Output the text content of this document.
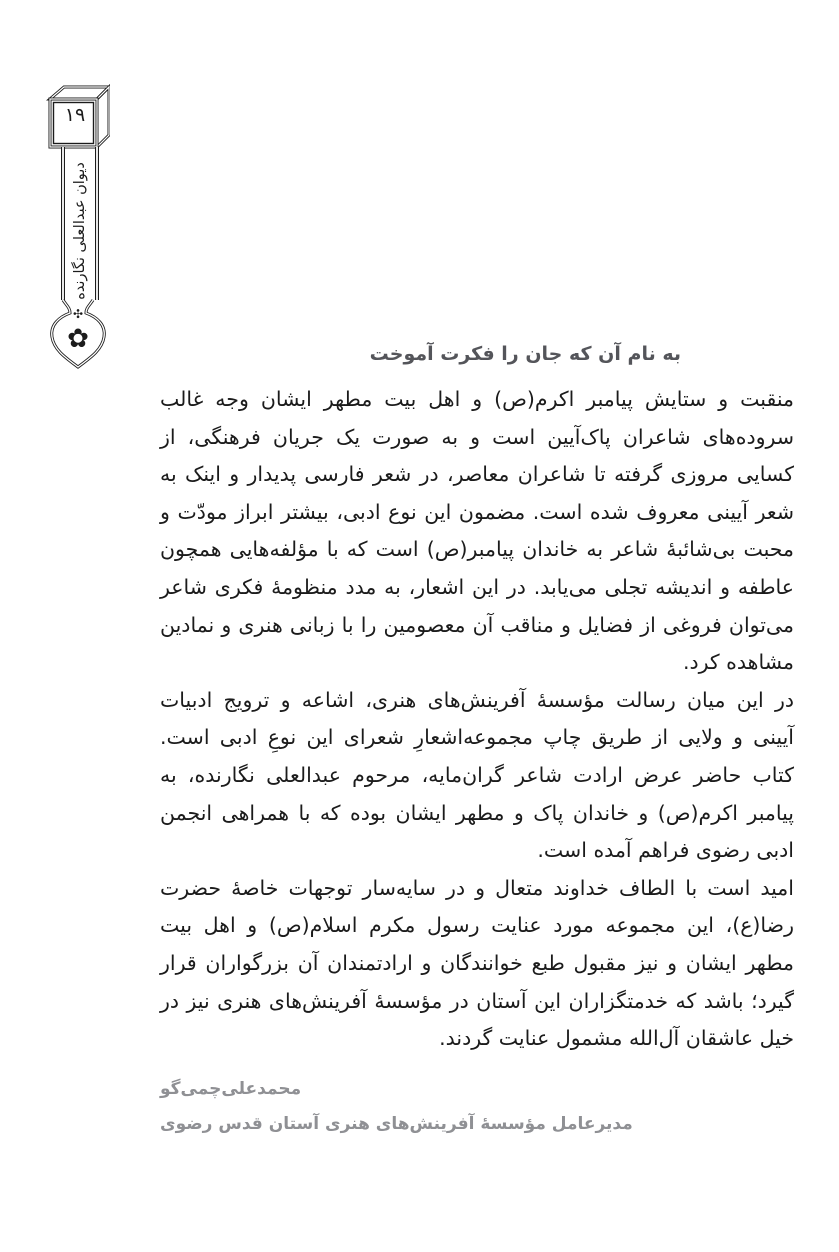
✣
✿
۱۹
دیوان عبدالعلی نگارنده
به نام آن که جان را فکرت آموخت

منقبت و ستایش پیامبر اکرم(ص) و اهل بیت مطهر ایشان وجه غالب سروده‌های شاعران پاک‌آیین است و به صورت یک جریان فرهنگی، از کسایی مروزی گرفته تا شاعران معاصر، در شعر فارسی پدیدار و اینک به شعر آیینی معروف شده است. مضمون این نوع ادبی، بیشتر ابراز مودّت و محبت بی‌شائبهٔ شاعر به خاندان پیامبر(ص) است که با مؤلفه‌هایی همچون عاطفه و اندیشه تجلی می‌یابد. در این اشعار، به مدد منظومهٔ فکری شاعر می‌توان فروغی از فضایل و مناقب آن معصومین را با زبانی هنری و نمادین مشاهده کرد.

در این میان رسالت مؤسسهٔ آفرینش‌های هنری، اشاعه و ترویج ادبیات آیینی و ولایی از طریق چاپ مجموعه‌اشعارِ شعرای این نوعِ ادبی است. کتاب حاضر عرض ارادت شاعر گران‌مایه، مرحوم عبدالعلی نگارنده، به پیامبر اکرم(ص) و خاندان پاک و مطهر ایشان بوده که با همراهی انجمن ادبی رضوی فراهم آمده است.

امید است با الطاف خداوند متعال و در سایه‌سار توجهات خاصهٔ حضرت رضا(ع)، این مجموعه مورد عنایت رسول مکرم اسلام(ص) و اهل بیت مطهر ایشان و نیز مقبول طبع خوانندگان و ارادتمندان آن بزرگواران قرار گیرد؛ باشد که خدمتگزاران این آستان در مؤسسهٔ آفرینش‌های هنری نیز در خیل عاشقان آل‌الله مشمول عنایت گردند.

محمدعلی‌چمی‌گو

مدیرعامل مؤسسهٔ آفرینش‌های هنری آستان قدس رضوی
